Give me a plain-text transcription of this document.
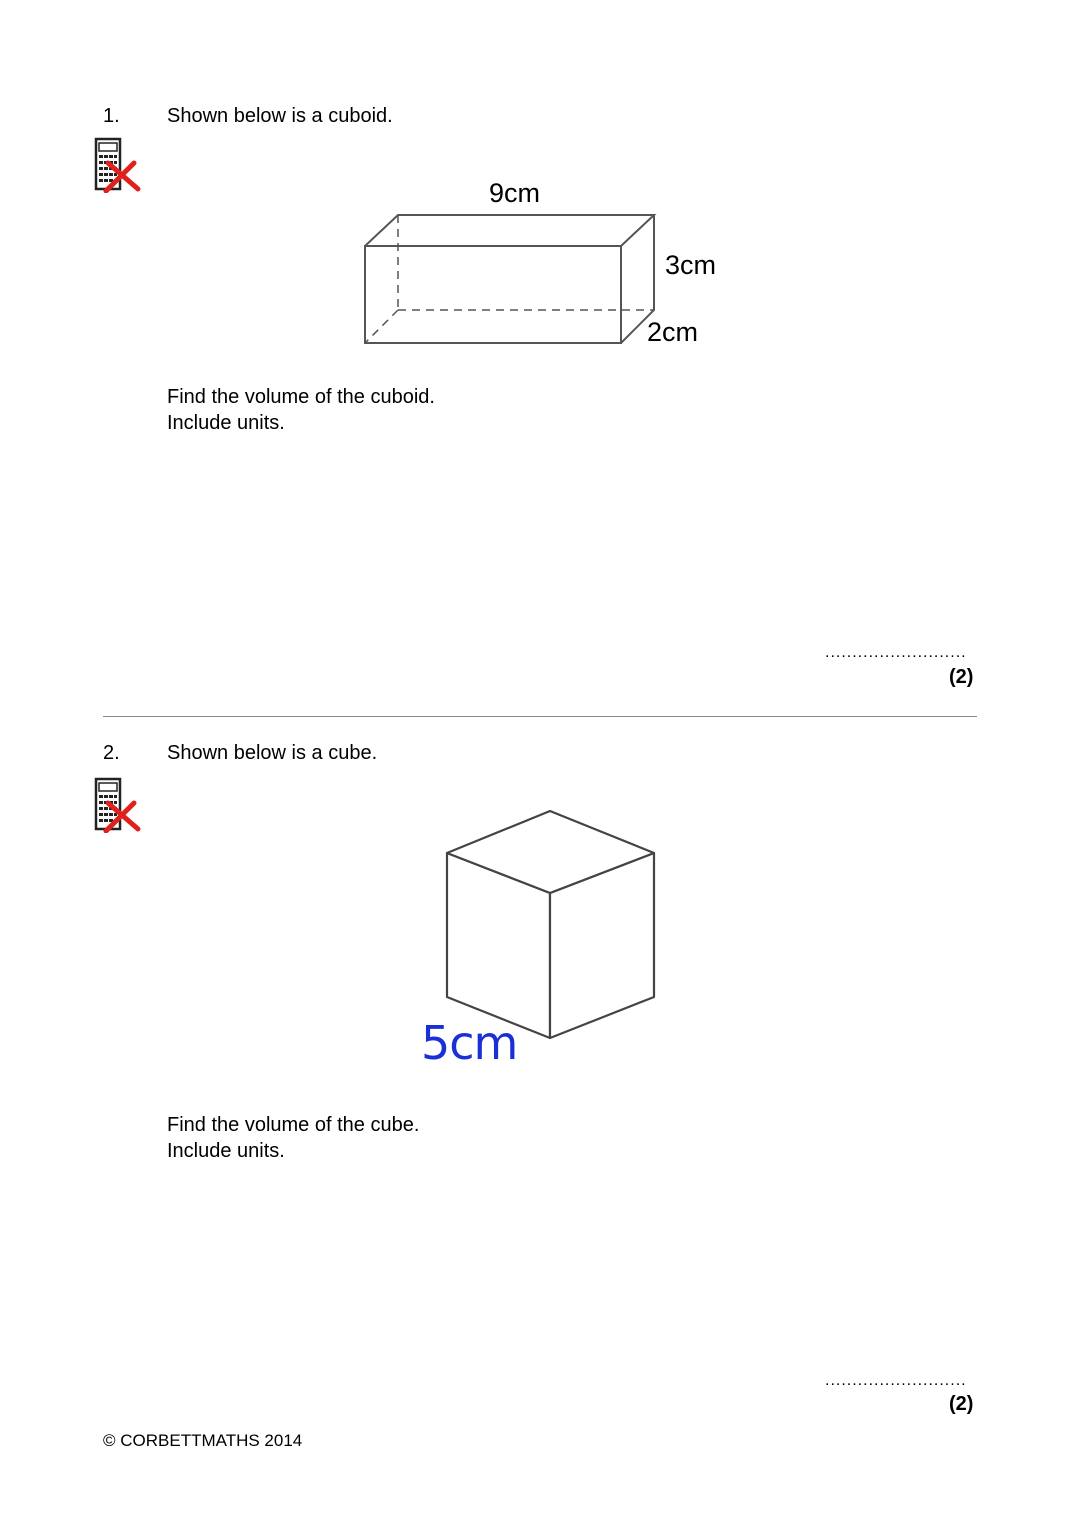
1. Shown below is a cuboid.
9cm
3cm
2cm
Find the volume of the cuboid.
Include units.
..........................
(2)
2. Shown below is a cube.
5cm
Find the volume of the cube.
Include units.
..........................
(2)
© CORBETTMATHS 2014
